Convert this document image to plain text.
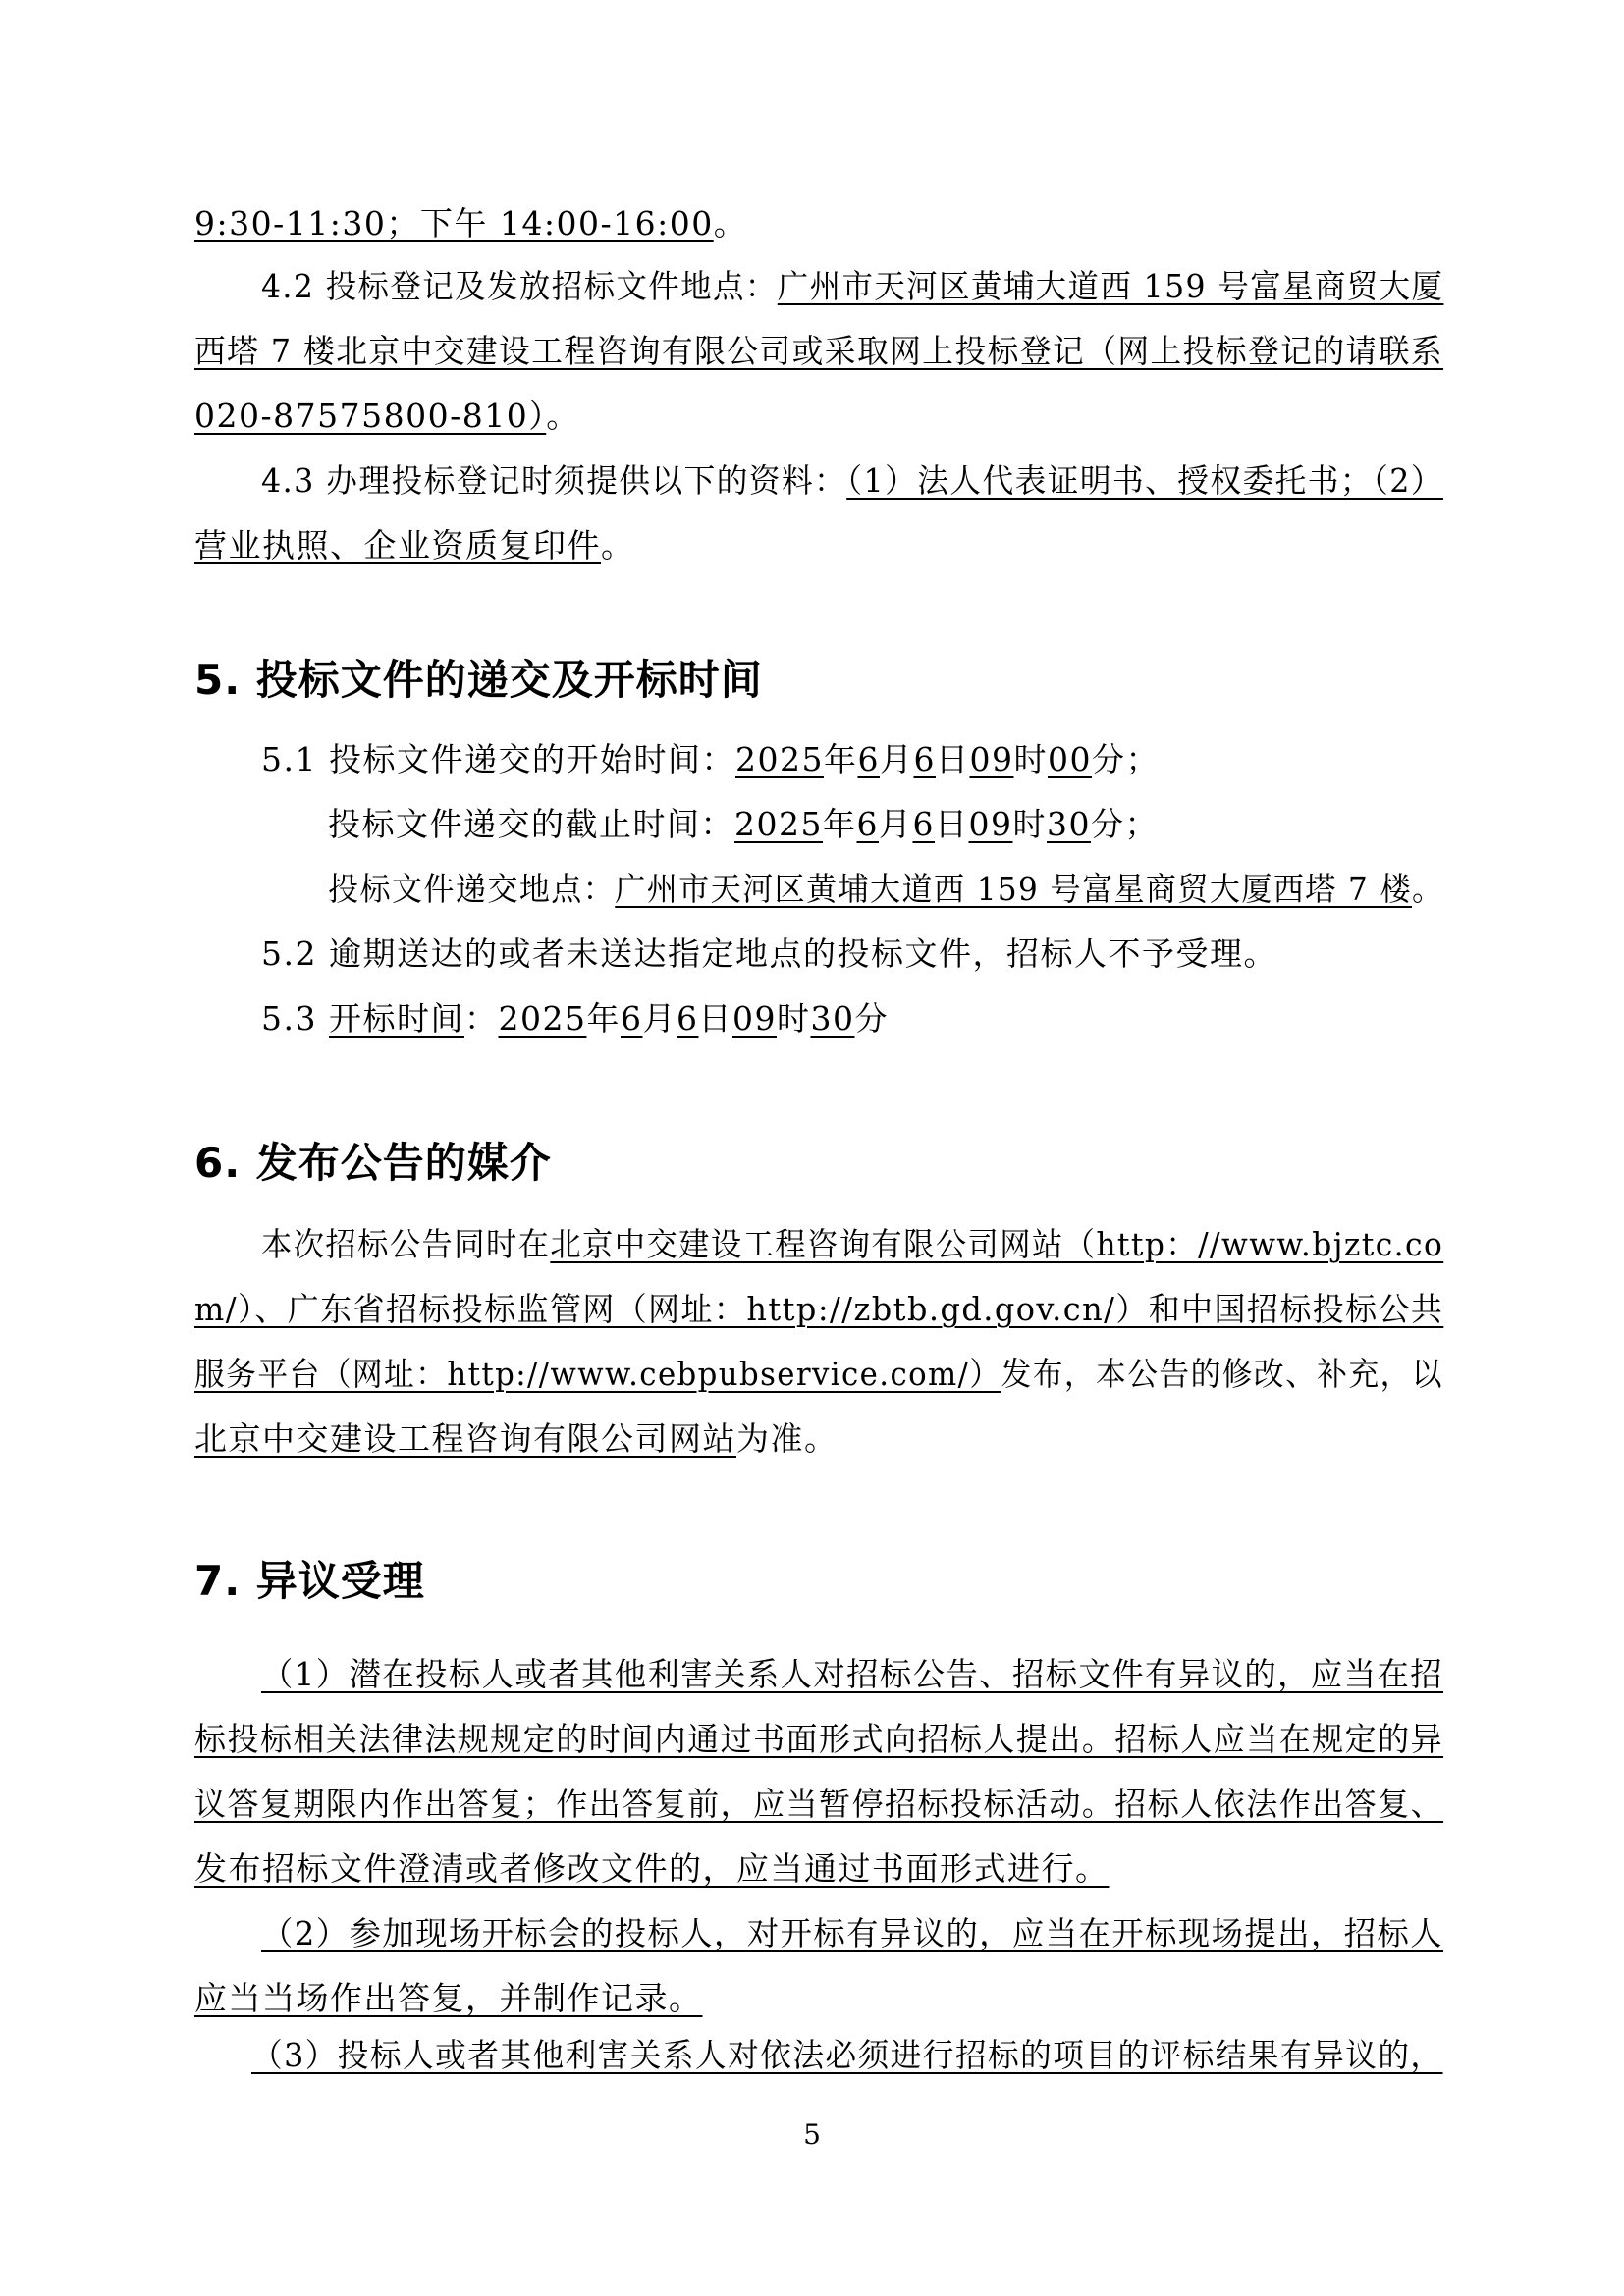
9:30-11:30；下午 14:00-16:00。
4.2 投标登记及发放招标文件地点：广州市天河区黄埔大道西 159 号富星商贸大厦
西塔 7 楼北京中交建设工程咨询有限公司或采取网上投标登记（网上投标登记的请联系
020-87575800-810）。
4.3 办理投标登记时须提供以下的资料：（1）法人代表证明书、授权委托书；（2）
营业执照、企业资质复印件。
5. 投标文件的递交及开标时间
5.1 投标文件递交的开始时间：2025年6月6日09时00分；
投标文件递交的截止时间：2025年6月6日09时30分；
投标文件递交地点：广州市天河区黄埔大道西 159 号富星商贸大厦西塔 7 楼。
5.2 逾期送达的或者未送达指定地点的投标文件，招标人不予受理。
5.3 开标时间：2025年6月6日09时30分
6. 发布公告的媒介
本次招标公告同时在北京中交建设工程咨询有限公司网站（http：//www.bjztc.co
m/）、广东省招标投标监管网（网址：http://zbtb.gd.gov.cn/）和中国招标投标公共
服务平台（网址：http://www.cebpubservice.com/）发布，本公告的修改、补充，以
北京中交建设工程咨询有限公司网站为准。
7. 异议受理
（1）潜在投标人或者其他利害关系人对招标公告、招标文件有异议的，应当在招
标投标相关法律法规规定的时间内通过书面形式向招标人提出。招标人应当在规定的异
议答复期限内作出答复；作出答复前，应当暂停招标投标活动。招标人依法作出答复、
发布招标文件澄清或者修改文件的，应当通过书面形式进行。
（2）参加现场开标会的投标人，对开标有异议的，应当在开标现场提出，招标人
应当当场作出答复，并制作记录。
（3）投标人或者其他利害关系人对依法必须进行招标的项目的评标结果有异议的，
5
